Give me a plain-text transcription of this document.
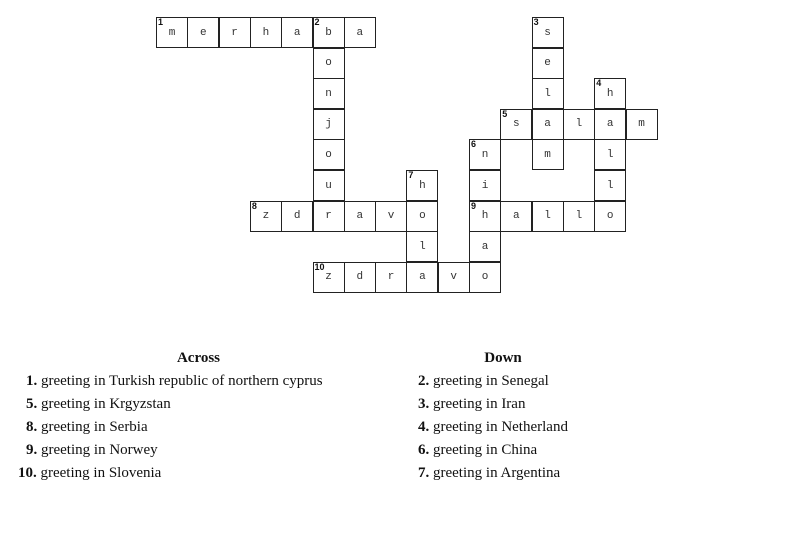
1
m	e	r	h	a
2
b	a
3
s
o	e
n	l
4
h
j
5
s	a	l	a	m
o
6
n	m	l
u
7
h	i	l
8
z	d	r	a	v	o
9
h	a	l	l	o
l	a
10
z	d	r	a	v	o
Across
1. greeting in Turkish republic of northern cyprus
5. greeting in Krgyzstan
8. greeting in Serbia
9. greeting in Norwey
10. greeting in Slovenia
Down
2. greeting in Senegal
3. greeting in Iran
4. greeting in Netherland
6. greeting in China
7. greeting in Argentina
